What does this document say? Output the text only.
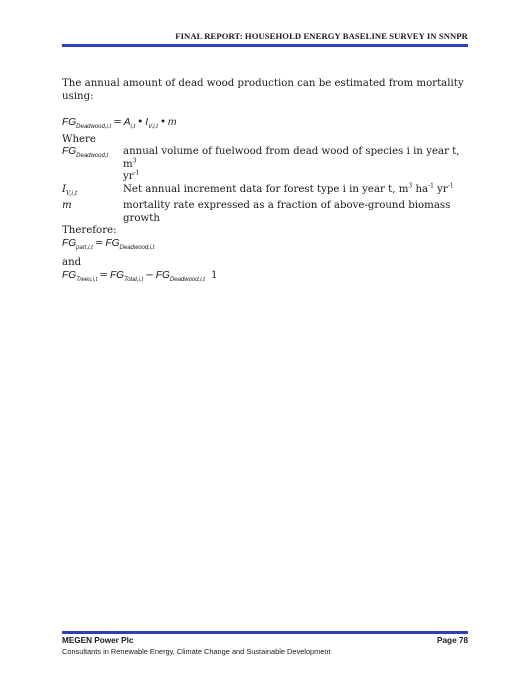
FINAL REPORT: HOUSEHOLD ENERGY BASELINE SURVEY IN SNNPR

The annual amount of dead wood production can be estimated from mortality using:

$FG_{Deadwood,i,t} = A_{i,t}$ • $I_{V,i,t}$ • m

Where

$FG_{Deadwood,t}$	annual volume of fuelwood from dead wood of species i in year t, $m^3$
$yr^{-1}$
$I_{V,i,t}$	Net annual increment data for forest type i in year t, $m^3$ $ha^{-1}$ $yr^{-1}$
m	mortality rate expressed as a fraction of above-ground biomass growth

Therefore:

$FG_{part,i,t} = FG_{Deadwood,i,t}$

and

$FG_{Trees,i,t} = FG_{Total,i,t} - FG_{Deadwood,i,t}$ 1

MEGEN Power Plc	Page 78
Consultants in Renewable Energy, Climate Change and Sustainable Development
